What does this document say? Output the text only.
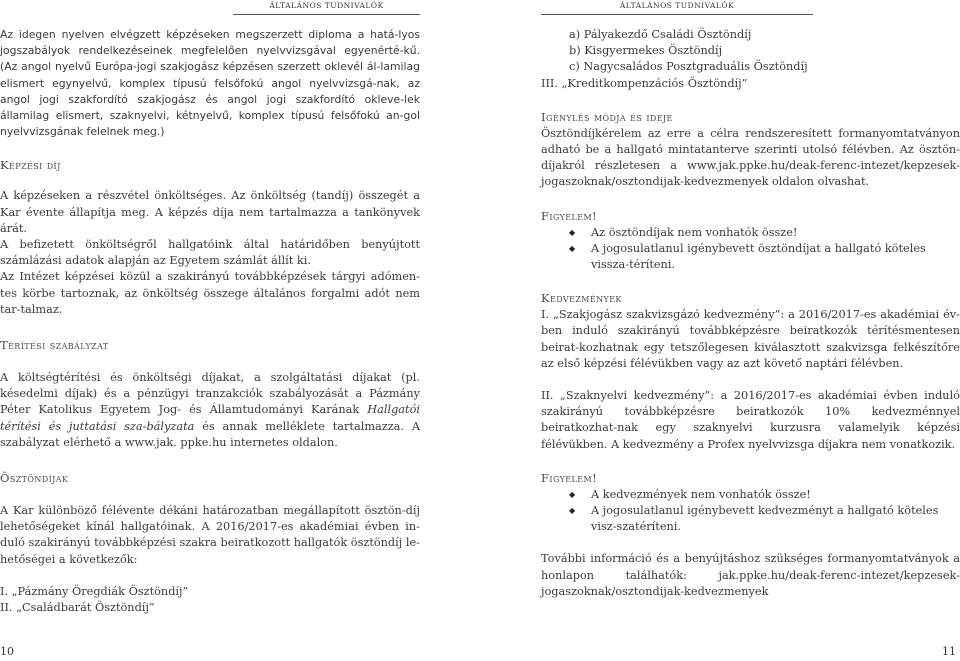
ÁLTALÁNOS TUDNIVALÓK

Az idegen nyelven elvégzett képzéseken megszerzett diploma a hatá-lyos jogszabályok rendelkezéseinek megfelelően nyelvvizsgával egyenérté-kű. (Az angol nyelvű Európa-jogi szakjogász képzésen szerzett oklevél ál-lamilag elismert egynyelvű, komplex típusú felsőfokú angol nyelvvizsgá-nak, az angol jogi szakfordító szakjogász és angol jogi szakfordító okleve-lek államilag elismert, szaknyelvi, kétnyelvű, komplex típusú felsőfokú an-gol nyelvvizsgának felelnek meg.)

Képzési díj

A képzéseken a részvétel önköltséges. Az önköltség (tandíj) összegét a Kar évente állapítja meg. A képzés díja nem tartalmazza a tankönyvek árát.

A befizetett önköltségről hallgatóink által határidőben benyújtott számlázási adatok alapján az Egyetem számlát állít ki.

Az Intézet képzései közül a szakirányú továbbképzések tárgyi adómen-tes körbe tartoznak, az önköltség összege általános forgalmi adót nem tar-talmaz.

Térítési szabályzat

A költségtérítési és önköltségi díjakat, a szolgáltatási díjakat (pl. késedelmi díjak) és a pénzügyi tranzakciók szabályozását a Pázmány Péter Katolikus Egyetem Jog- és Államtudományi Karának Hallgatói térítési és juttatási sza-bályzata és annak melléklete tartalmazza. A szabályzat elérhető a www.jak. ppke.hu internetes oldalon.

Ösztöndíjak

A Kar különböző félévente dékáni határozatban megállapított ösztön-díj lehetőségeket kínál hallgatóinak. A 2016/2017-es akadémiai évben in-duló szakirányú továbbképzési szakra beiratkozott hallgatók ösztöndíj le-hetőségei a következők:

I. „Pázmány Öregdiák Ösztöndíj”

II. „Családbarát Ösztöndíj”

10
ÁLTALÁNOS TUDNIVALÓK

a) Pályakezdő Családi Ösztöndíj

b) Kisgyermekes Ösztöndíj

c) Nagycsaládos Posztgraduális Ösztöndíj

III. „Kreditkompenzációs Ösztöndíj”

Igénylés módja és ideje

Ösztöndíjkérelem az erre a célra rendszeresített formanyomtatványon adható be a hallgató mintatanterve szerinti utolsó félévben. Az ösztön-díjakról részletesen a www.jak.ppke.hu/deak-ferenc-intezet/kepzesek-jogaszoknak/osztondijak-kedvezmenyek oldalon olvashat.

Figyelem!
◆ Az ösztöndíjak nem vonhatók össze!
◆ A jogosulatlanul igénybevett ösztöndíjat a hallgató köteles vissza-téríteni.
Kedvezmények

I. „Szakjogász szakvizsgázó kedvezmény”: a 2016/2017-es akadémiai év-ben induló szakirányú továbbképzésre beiratkozók térítésmentesen beirat-kozhatnak egy tetszőlegesen kiválasztott szakvizsga felkészítőre az első képzési félévükben vagy az azt követő naptári félévben.

II. „Szaknyelvi kedvezmény”: a 2016/2017-es akadémiai évben induló szakirányú továbbképzésre beiratkozók 10% kedvezménnyel beiratkozhat-nak egy szaknyelvi kurzusra valamelyik képzési félévükben. A kedvezmény a Profex nyelvvizsga díjakra nem vonatkozik.

Figyelem!
◆ A kedvezmények nem vonhatók össze!
◆ A jogosulatlanul igénybevett kedvezményt a hallgató köteles visz-szatéríteni.

További információ és a benyújtáshoz szükséges formanyomtatványok a honlapon találhatók: jak.ppke.hu/deak-ferenc-intezet/kepzesek-jogaszoknak/osztondijak-kedvezmenyek

11
